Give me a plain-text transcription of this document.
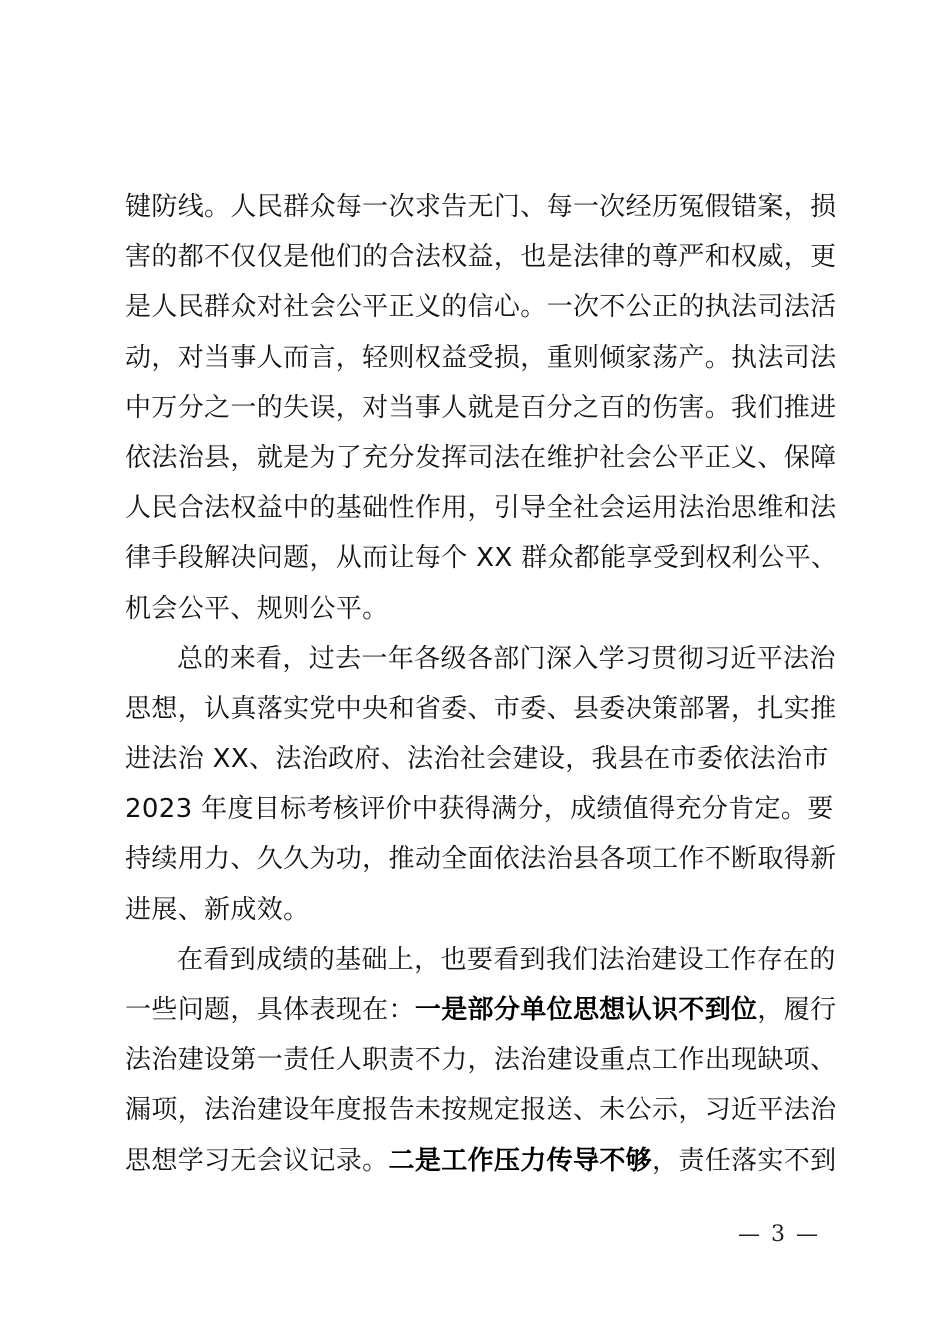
键防线。人民群众每一次求告无门、每一次经历冤假错案，损
害的都不仅仅是他们的合法权益，也是法律的尊严和权威，更
是人民群众对社会公平正义的信心。一次不公正的执法司法活
动，对当事人而言，轻则权益受损，重则倾家荡产。执法司法
中万分之一的失误，对当事人就是百分之百的伤害。我们推进
依法治县，就是为了充分发挥司法在维护社会公平正义、保障
人民合法权益中的基础性作用，引导全社会运用法治思维和法
律手段解决问题，从而让每个 XX 群众都能享受到权利公平、
机会公平、规则公平。
总的来看，过去一年各级各部门深入学习贯彻习近平法治
思想，认真落实党中央和省委、市委、县委决策部署，扎实推
进法治 XX、法治政府、法治社会建设，我县在市委依法治市
2023 年度目标考核评价中获得满分，成绩值得充分肯定。要
持续用力、久久为功，推动全面依法治县各项工作不断取得新
进展、新成效。
在看到成绩的基础上，也要看到我们法治建设工作存在的
一些问题，具体表现在：一是部分单位思想认识不到位，履行
法治建设第一责任人职责不力，法治建设重点工作出现缺项、
漏项，法治建设年度报告未按规定报送、未公示，习近平法治
思想学习无会议记录。二是工作压力传导不够，责任落实不到
— 3 —
